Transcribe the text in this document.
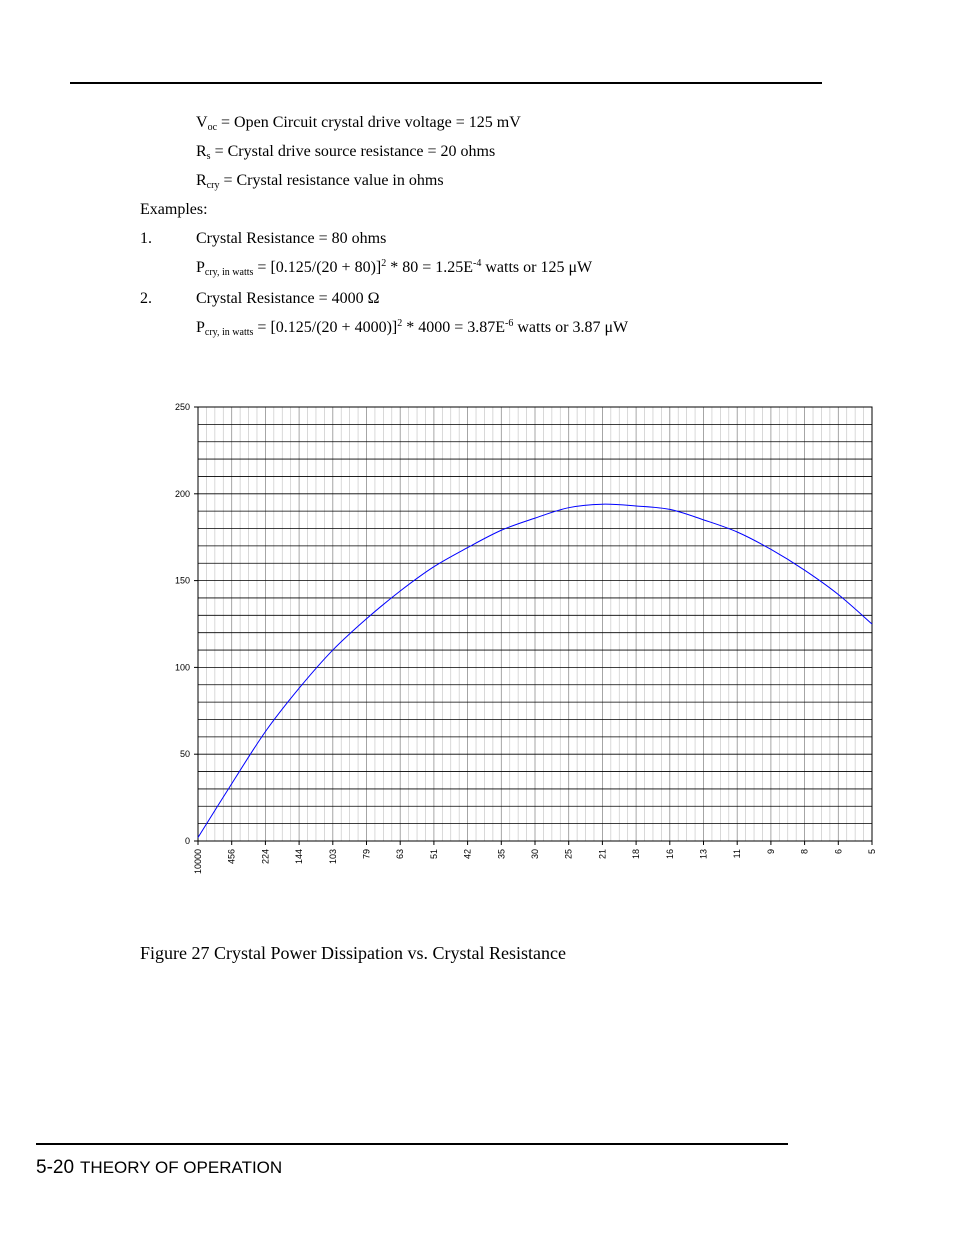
$V_{oc}$ = Open Circuit crystal drive voltage = 125 mV
$R_s$ = Crystal drive source resistance = 20 ohms
$R_{cry}$ = Crystal resistance value in ohms
Examples:
1.	Crystal Resistance = 80 ohms
$P_{cry, in watts} = [0.125/(20 + 80)]^2 * 80 = 1.25E^{-4}$ watts or 125 μW
2.	Crystal Resistance = 4000 Ω
$P_{cry, in watts} = [0.125/(20 + 4000)]^2 * 4000 = 3.87E^{-6}$ watts or 3.87 μW
0
50
100
150
200
250
10000	456	224	144	103	79	63	51	42	35	30	25	21	18	16	13	11	9	8	6	5
Figure 27 Crystal Power Dissipation vs. Crystal Resistance
5-20 THEORY OF OPERATION
